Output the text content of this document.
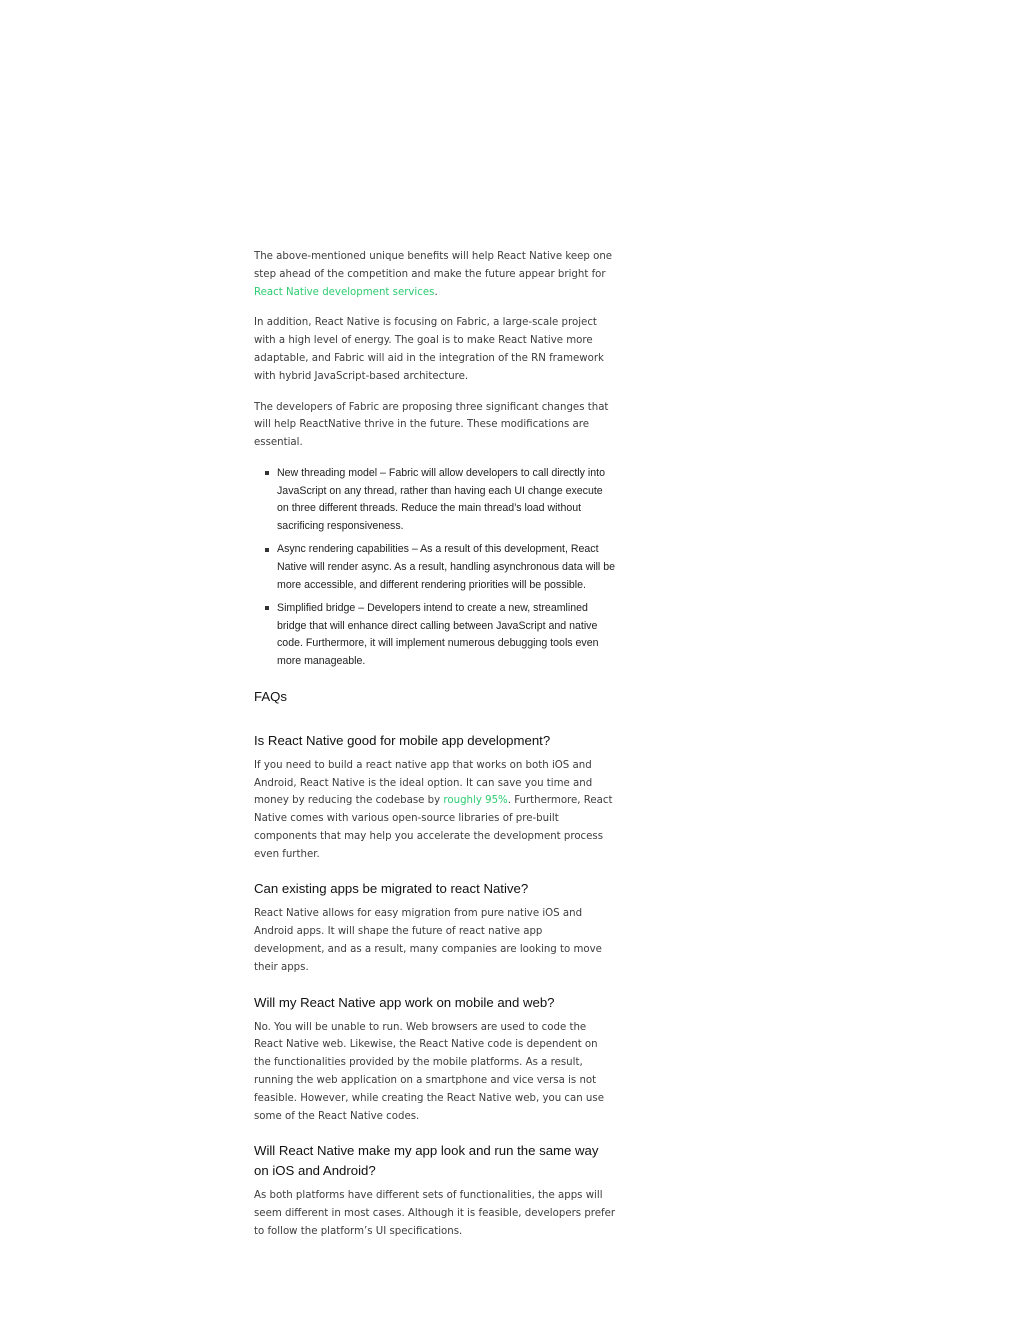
The above-mentioned unique benefits will help React Native keep one step ahead of the competition and make the future appear bright for React Native development services.

In addition, React Native is focusing on Fabric, a large-scale project with a high level of energy. The goal is to make React Native more adaptable, and Fabric will aid in the integration of the RN framework with hybrid JavaScript-based architecture.

The developers of Fabric are proposing three significant changes that will help ReactNative thrive in the future. These modifications are essential.

New threading model – Fabric will allow developers to call directly into JavaScript on any thread, rather than having each UI change execute on three different threads. Reduce the main thread’s load without sacrificing responsiveness.
Async rendering capabilities – As a result of this development, React Native will render async. As a result, handling asynchronous data will be more accessible, and different rendering priorities will be possible.
Simplified bridge – Developers intend to create a new, streamlined bridge that will enhance direct calling between JavaScript and native code. Furthermore, it will implement numerous debugging tools even more manageable.
FAQs
Is React Native good for mobile app development?

If you need to build a react native app that works on both iOS and Android, React Native is the ideal option. It can save you time and money by reducing the codebase by roughly 95%. Furthermore, React Native comes with various open-source libraries of pre-built components that may help you accelerate the development process even further.

Can existing apps be migrated to react Native?

React Native allows for easy migration from pure native iOS and Android apps. It will shape the future of react native app development, and as a result, many companies are looking to move their apps.

Will my React Native app work on mobile and web?

No. You will be unable to run. Web browsers are used to code the React Native web. Likewise, the React Native code is dependent on the functionalities provided by the mobile platforms. As a result, running the web application on a smartphone and vice versa is not feasible. However, while creating the React Native web, you can use some of the React Native codes.

Will React Native make my app look and run the same way on iOS and Android?

As both platforms have different sets of functionalities, the apps will seem different in most cases. Although it is feasible, developers prefer to follow the platform’s UI specifications.
